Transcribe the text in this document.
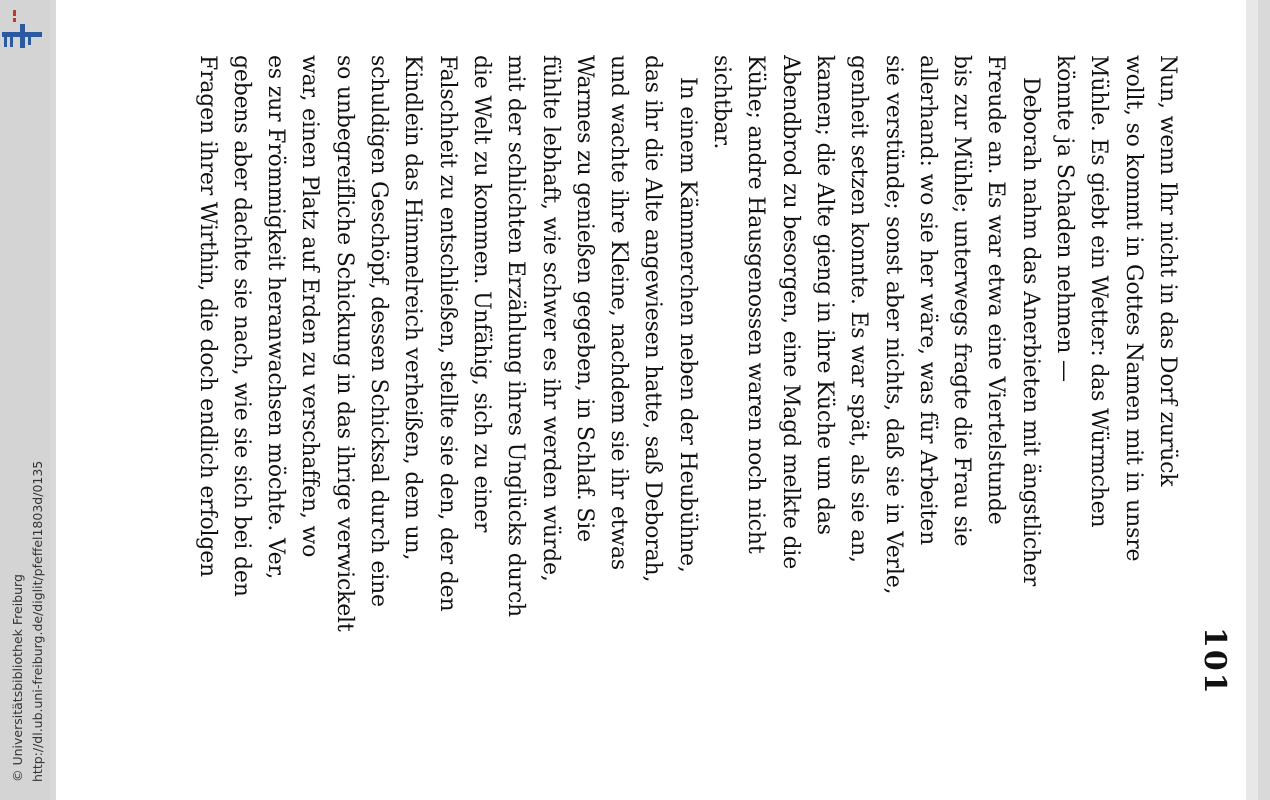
http://dl.ub.uni-freiburg.de/diglit/pfeffel1803d/0135
© Universitätsbibliothek Freiburg	101
Nun, wenn Ihr nicht in das Dorf zurück
wollt, so kommt in Gottes Namen mit in unsre
Mühle. Es giebt ein Wetter: das Würmchen
könnte ja Schaden nehmen —
Deborah nahm das Anerbieten mit ängstlicher
Freude an. Es war etwa eine Viertelstunde
bis zur Mühle; unterwegs fragte die Frau sie
allerhand: wo sie her wäre, was für Arbeiten
sie verstünde; sonst aber nichts, daß sie in Verle,
genheit setzen konnte. Es war spät, als sie an,
kamen; die Alte gieng in ihre Küche um das
Abendbrod zu besorgen, eine Magd melkte die
Kühe; andre Hausgenossen waren noch nicht
sichtbar.
In einem Kämmerchen neben der Heubühne,
das ihr die Alte angewiesen hatte, saß Deborah,
und wachte ihre Kleine, nachdem sie ihr etwas
Warmes zu genießen gegeben, in Schlaf. Sie
fühlte lebhaft, wie schwer es ihr werden würde,
mit der schlichten Erzählung ihres Unglücks durch
die Welt zu kommen. Unfähig, sich zu einer
Falschheit zu entschließen, stellte sie den, der den
Kindlein das Himmelreich verheißen, dem un,
schuldigen Geschöpf, dessen Schicksal durch eine
so unbegreifliche Schickung in das ihrige verwickelt
war, einen Platz auf Erden zu verschaffen, wo
es zur Frömmigkeit heranwachsen möchte. Ver,
gebens aber dachte sie nach, wie sie sich bei den
Fragen ihrer Wirthin, die doch endlich erfolgen
